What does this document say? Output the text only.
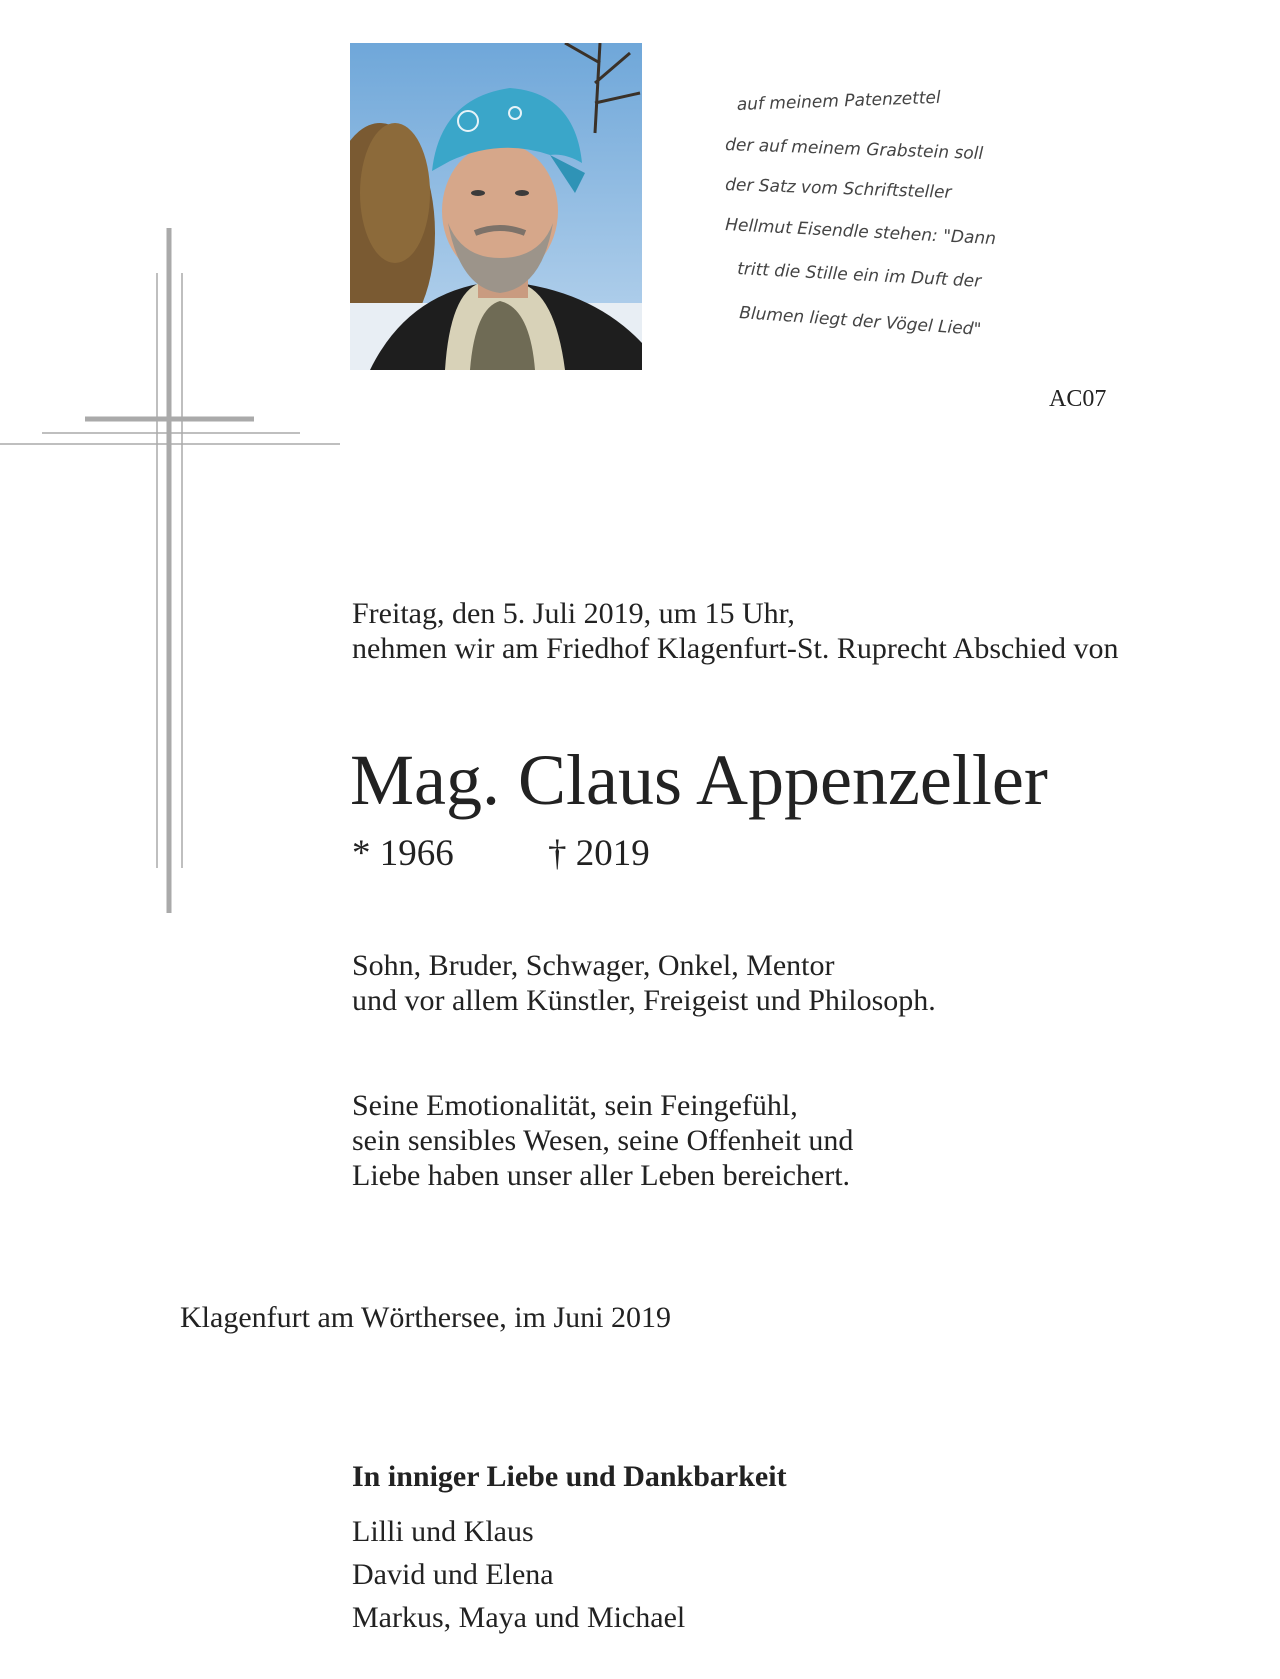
auf meinem Patenzettel
der auf meinem Grabstein soll
der Satz vom Schriftsteller
Hellmut Eisendle stehen: "Dann
tritt die Stille ein im Duft der
Blumen liegt der Vögel Lied"
AC07
Freitag, den 5. Juli 2019, um 15 Uhr,
nehmen wir am Friedhof Klagenfurt-St. Ruprecht Abschied von
Mag. Claus Appenzeller
* 1966	† 2019
Sohn, Bruder, Schwager, Onkel, Mentor
und vor allem Künstler, Freigeist und Philosoph.
Seine Emotionalität, sein Feingefühl,
sein sensibles Wesen, seine Offenheit und
Liebe haben unser aller Leben bereichert.
Klagenfurt am Wörthersee, im Juni 2019
In inniger Liebe und Dankbarkeit
Lilli und Klaus
David und Elena
Markus, Maya und Michael
